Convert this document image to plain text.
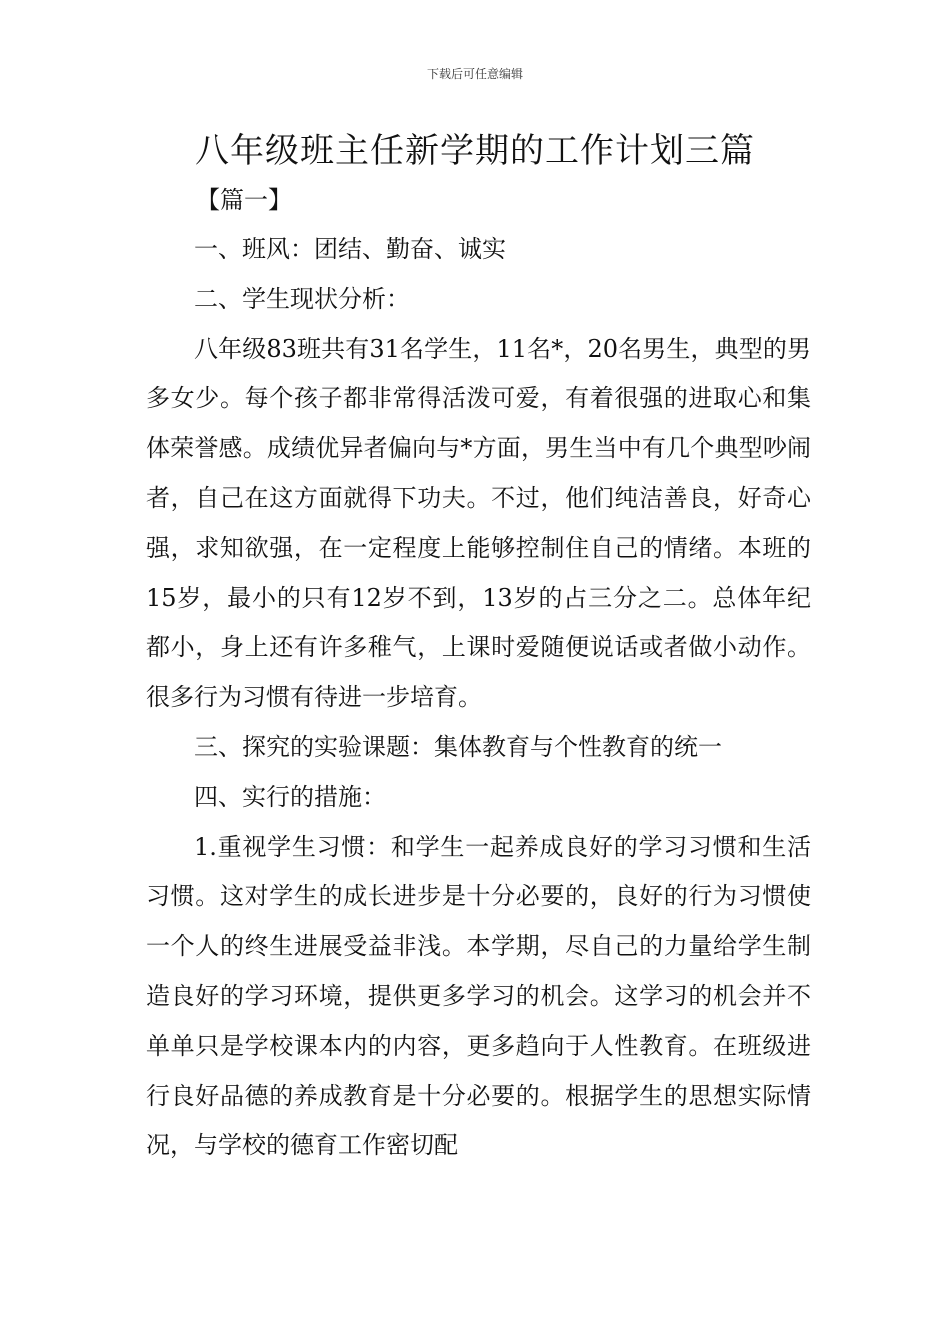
下载后可任意编辑
八年级班主任新学期的工作计划三篇
【篇一】

一、班风：团结、勤奋、诚实

二、学生现状分析：

八年级83班共有31名学生，11名*，20名男生，典型的男多女少。每个孩子都非常得活泼可爱，有着很强的进取心和集体荣誉感。成绩优异者偏向与*方面，男生当中有几个典型吵闹者，自己在这方面就得下功夫。不过，他们纯洁善良，好奇心强，求知欲强，在一定程度上能够控制住自己的情绪。本班的15岁，最小的只有12岁不到，13岁的占三分之二。总体年纪都小，身上还有许多稚气，上课时爱随便说话或者做小动作。很多行为习惯有待进一步培育。

三、探究的实验课题：集体教育与个性教育的统一

四、实行的措施：

1.重视学生习惯：和学生一起养成良好的学习习惯和生活习惯。这对学生的成长进步是十分必要的，良好的行为习惯使一个人的终生进展受益非浅。本学期，尽自己的力量给学生制造良好的学习环境，提供更多学习的机会。这学习的机会并不单单只是学校课本内的内容，更多趋向于人性教育。在班级进行良好品德的养成教育是十分必要的。根据学生的思想实际情况，与学校的德育工作密切配
